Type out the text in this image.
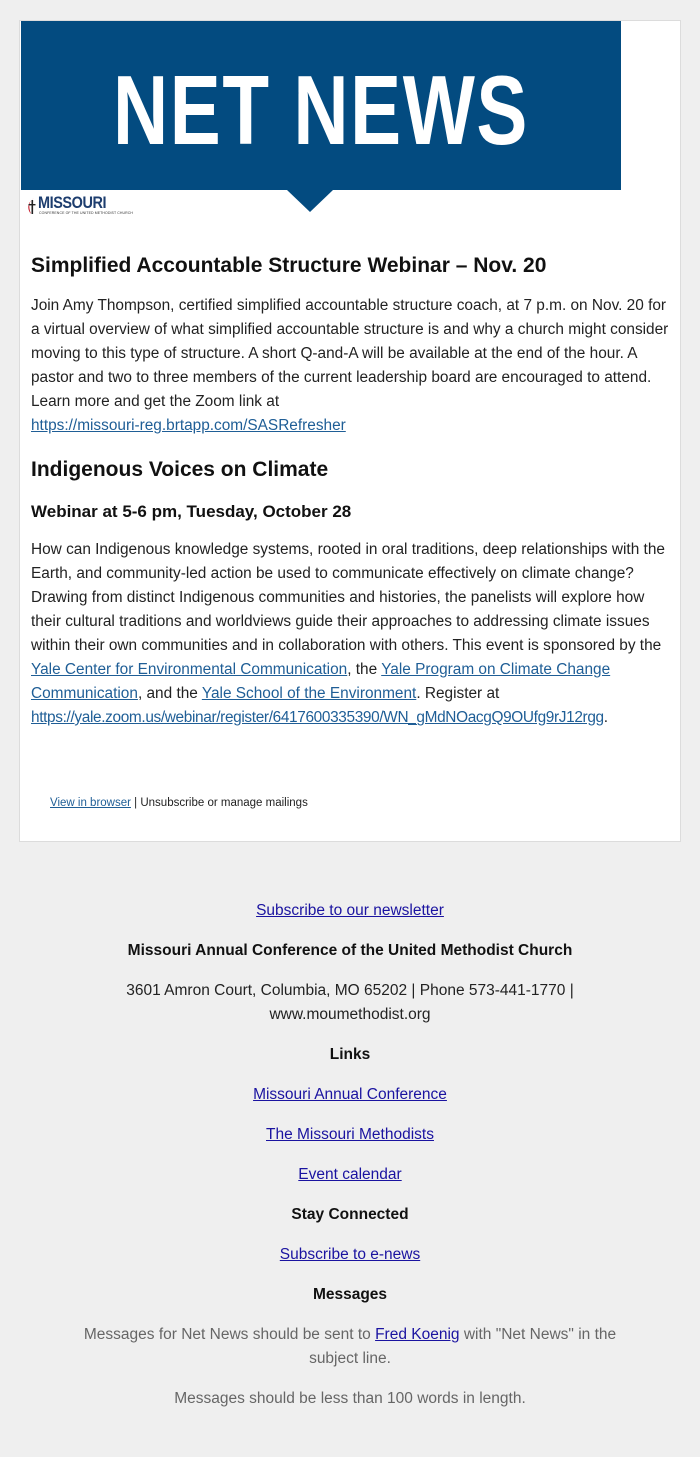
NET NEWS
MISSOURI
CONFERENCE OF THE UNITED METHODIST CHURCH
Simplified Accountable Structure Webinar – Nov. 20

Join Amy Thompson, certified simplified accountable structure coach, at 7 p.m. on Nov. 20 for a virtual overview of what simplified accountable structure is and why a church might consider moving to this type of structure. A short Q-and-A will be available at the end of the hour. A pastor and two to three members of the current leadership board are encouraged to attend. Learn more and get the Zoom link at
https://missouri-reg.brtapp.com/SASRefresher

Indigenous Voices on Climate
Webinar at 5-6 pm, Tuesday, October 28

How can Indigenous knowledge systems, rooted in oral traditions, deep relationships with the Earth, and community-led action be used to communicate effectively on climate change? Drawing from distinct Indigenous communities and histories, the panelists will explore how their cultural traditions and worldviews guide their approaches to addressing climate issues within their own communities and in collaboration with others. This event is sponsored by the Yale Center for Environmental Communication, the Yale Program on Climate Change Communication, and the Yale School of the Environment. Register at https://yale.zoom.us/webinar/register/6417600335390/WN_gMdNOacgQ9OUfg9rJ12rgg.

View in browser | Unsubscribe or manage mailings
Subscribe to our newsletter
Missouri Annual Conference of the United Methodist Church
3601 Amron Court, Columbia, MO 65202 | Phone 573-441-1770 |
www.moumethodist.org
Links
Missouri Annual Conference
The Missouri Methodists
Event calendar
Stay Connected
Subscribe to e-news
Messages
Messages for Net News should be sent to Fred Koenig with "Net News" in the subject line.
Messages should be less than 100 words in length.
